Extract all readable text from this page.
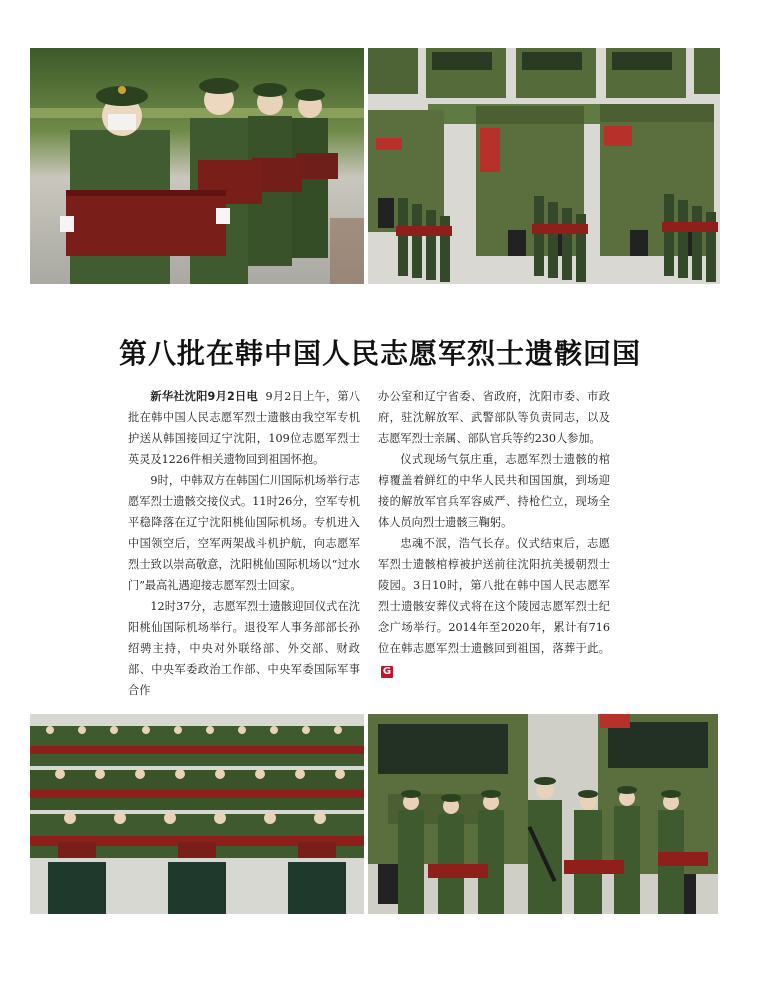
第八批在韩中国人民志愿军烈士遗骸回国

新华社沈阳9月2日电 9月2日上午，第八批在韩中国人民志愿军烈士遗骸由我空军专机护送从韩国接回辽宁沈阳，109位志愿军烈士英灵及1226件相关遗物回到祖国怀抱。

9时，中韩双方在韩国仁川国际机场举行志愿军烈士遗骸交接仪式。11时26分，空军专机平稳降落在辽宁沈阳桃仙国际机场。专机进入中国领空后，空军两架战斗机护航，向志愿军烈士致以崇高敬意，沈阳桃仙国际机场以“过水门”最高礼遇迎接志愿军烈士回家。

12时37分，志愿军烈士遗骸迎回仪式在沈阳桃仙国际机场举行。退役军人事务部部长孙绍骋主持，中央对外联络部、外交部、财政部、中央军委政治工作部、中央军委国际军事合作

办公室和辽宁省委、省政府，沈阳市委、市政府，驻沈解放军、武警部队等负责同志，以及志愿军烈士亲属、部队官兵等约230人参加。

仪式现场气氛庄重，志愿军烈士遗骸的棺椁覆盖着鲜红的中华人民共和国国旗，到场迎接的解放军官兵军容威严、持枪伫立，现场全体人员向烈士遗骸三鞠躬。

忠魂不泯，浩气长存。仪式结束后，志愿军烈士遗骸棺椁被护送前往沈阳抗美援朝烈士陵园。3日10时，第八批在韩中国人民志愿军烈士遗骸安葬仪式将在这个陵园志愿军烈士纪念广场举行。2014年至2020年，累计有716位在韩志愿军烈士遗骸回到祖国，落葬于此。G
